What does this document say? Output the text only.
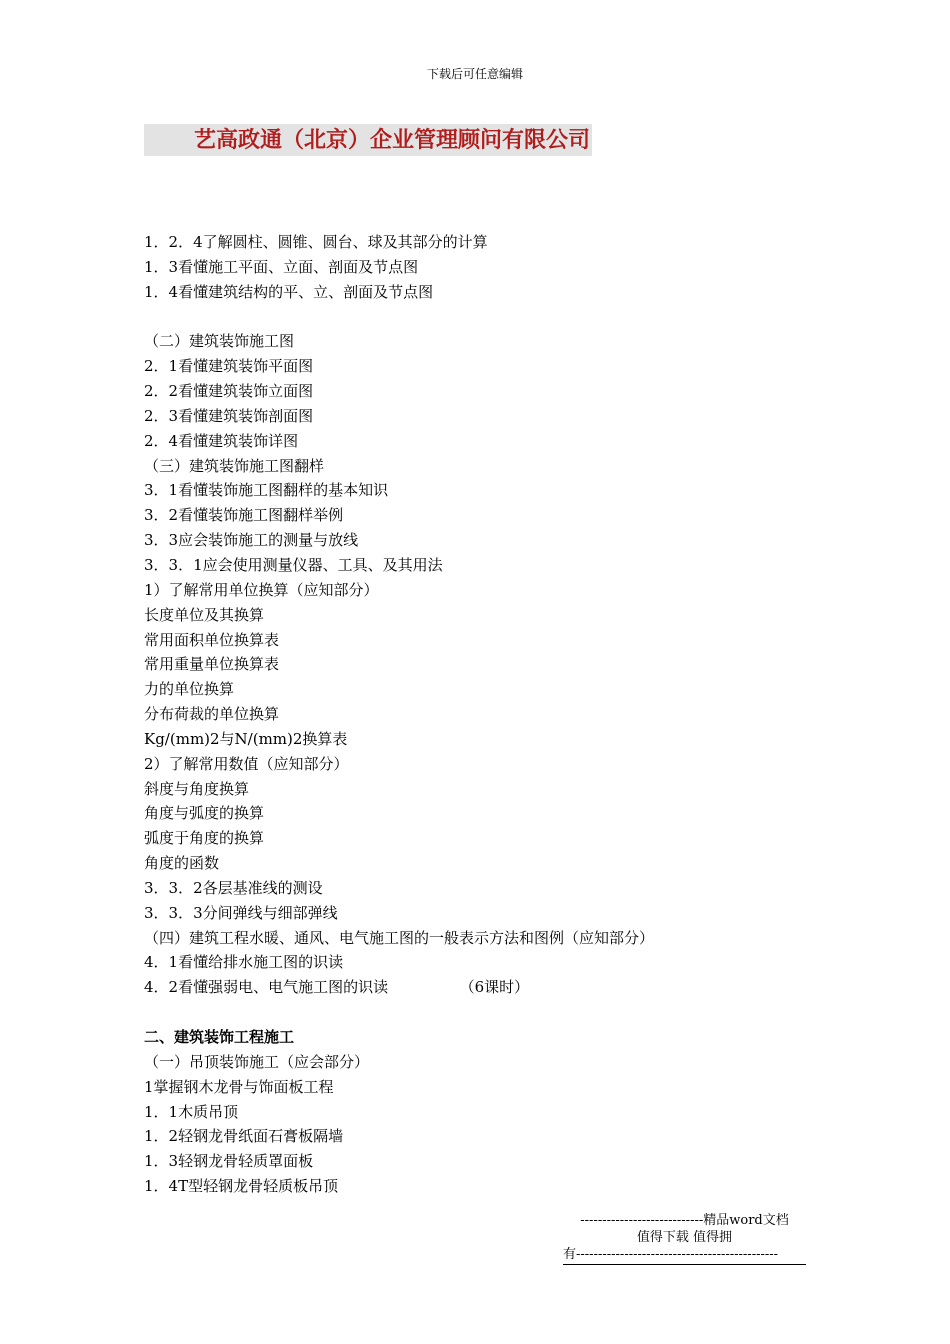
下载后可任意编辑
艺高政通（北京）企业管理顾问有限公司
1．2．4了解圆柱、圆锥、圆台、球及其部分的计算
1．3看懂施工平面、立面、剖面及节点图
1．4看懂建筑结构的平、立、剖面及节点图
（二）建筑装饰施工图
2．1看懂建筑装饰平面图
2．2看懂建筑装饰立面图
2．3看懂建筑装饰剖面图
2．4看懂建筑装饰详图
（三）建筑装饰施工图翻样
3．1看懂装饰施工图翻样的基本知识
3．2看懂装饰施工图翻样举例
3．3应会装饰施工的测量与放线
3．3．1应会使用测量仪器、工具、及其用法
1）了解常用单位换算（应知部分）
长度单位及其换算
常用面积单位换算表
常用重量单位换算表
力的单位换算
分布荷裁的单位换算
Kg/(mm)2与N/(mm)2换算表
2）了解常用数值（应知部分）
斜度与角度换算
角度与弧度的换算
弧度于角度的换算
角度的函数
3．3．2各层基准线的测设
3．3．3分间弹线与细部弹线
（四）建筑工程水暖、通风、电气施工图的一般表示方法和图例（应知部分）
4．1看懂给排水施工图的识读
4．2看懂强弱电、电气施工图的识读               （6课时）
二、建筑装饰工程施工
（一）吊顶装饰施工（应会部分）
1掌握钢木龙骨与饰面板工程
1．1木质吊顶
1．2轻钢龙骨纸面石膏板隔墙
1．3轻钢龙骨轻质罩面板
1．4T型轻钢龙骨轻质板吊顶
----------------------------精品word文档
值得下载 值得拥
有----------------------------------------------
